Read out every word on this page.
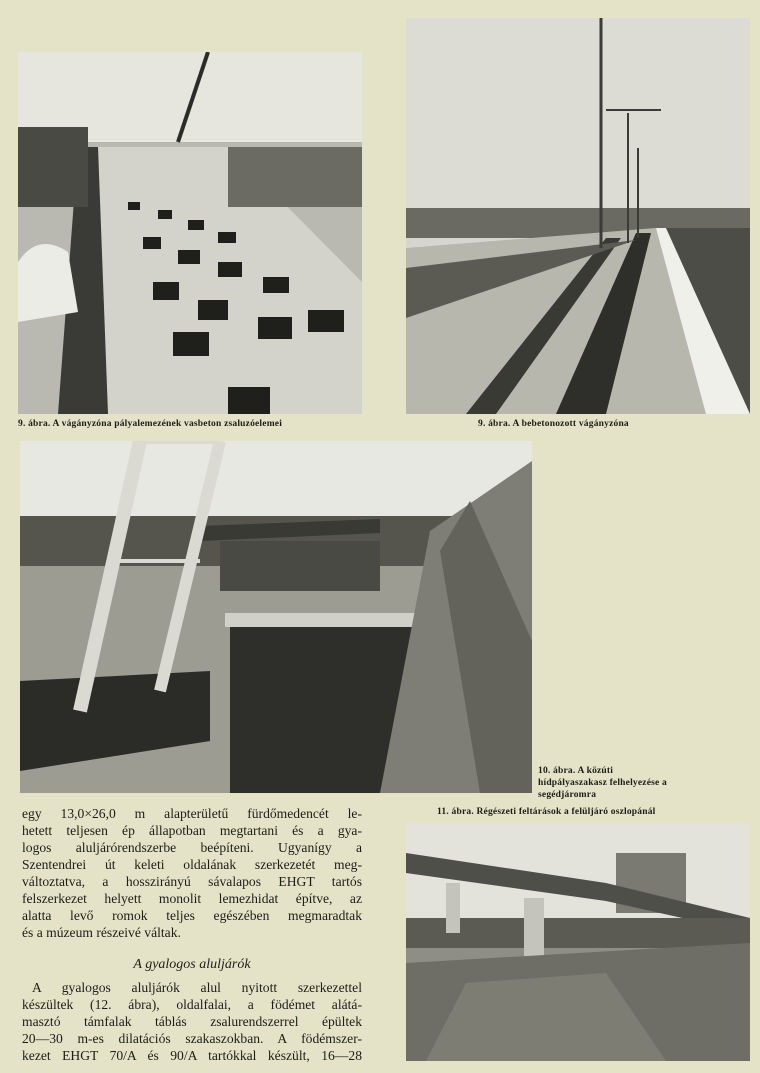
9. ábra. A vágányzóna pályalemezének vasbeton zsaluzóelemei	9. ábra. A bebetonozott vágányzóna
10. ábra. A közúti
hídpályaszakasz felhelyezése a
segédjáromra
11. ábra. Régészeti feltárások a felüljáró oszlopánál
egy 13,0×26,0 m alapterületű fürdőmedencét le-
hetett teljesen ép állapotban megtartani és a gya-
logos aluljárórendszerbe beépíteni. Ugyanígy a
Szentendrei út keleti oldalának szerkezetét meg-
változtatva, a hosszirányú sávalapos EHGT tartós
felszerkezet helyett monolit lemezhidat építve, az
alatta levő romok teljes egészében megmaradtak
és a múzeum részeivé váltak.
A gyalogos aluljárók
A gyalogos aluljárók alul nyitott szerkezettel
készültek (12. ábra), oldalfalai, a födémet alátá-
masztó támfalak táblás zsalurendszerrel épültek
20—30 m-es dilatációs szakaszokban. A födémszer-
kezet EHGT 70/A és 90/A tartókkal készült, 16—28
